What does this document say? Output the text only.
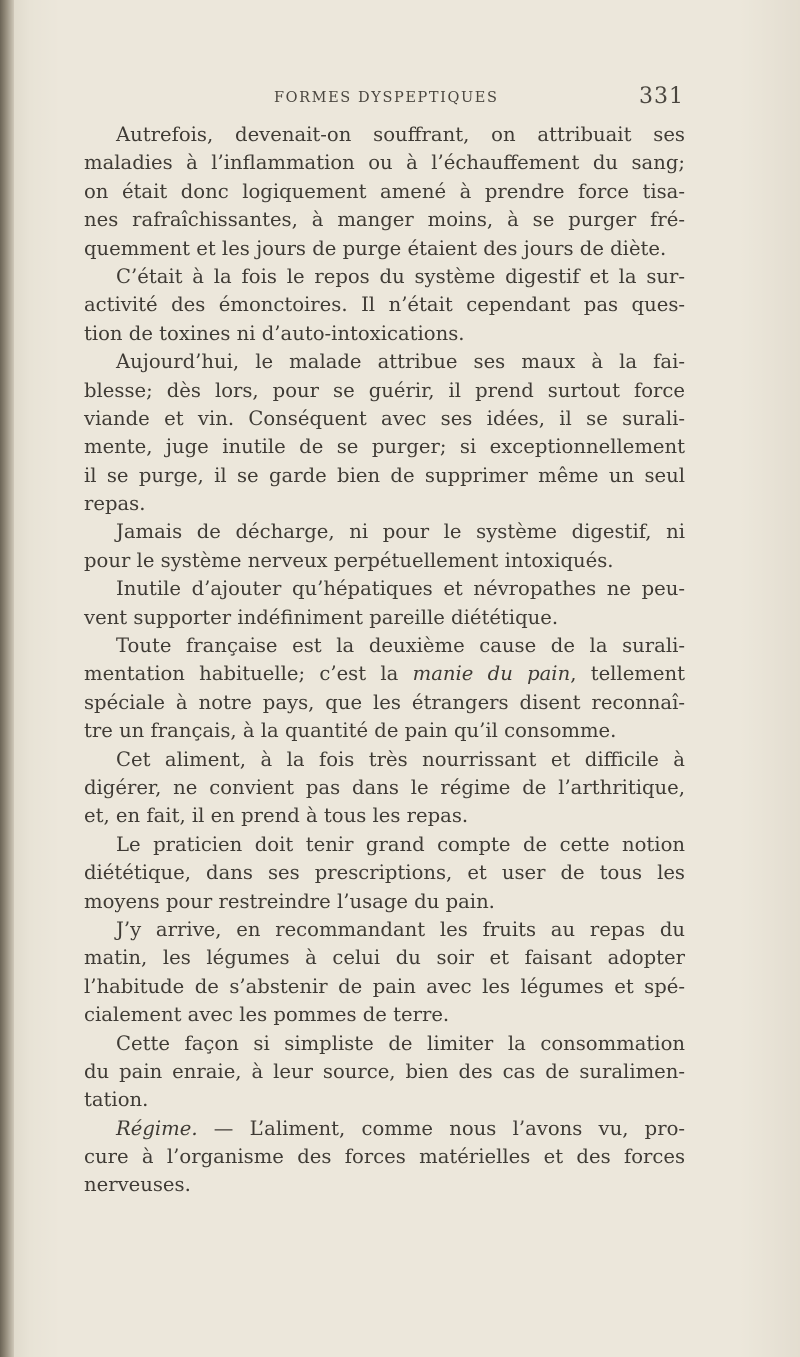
FORMES DYSPEPTIQUES	331
Autrefois, devenait-on souffrant, on attribuait ses
maladies à l’inflammation ou à l’échauffement du sang;
on était donc logiquement amené à prendre force tisa-
nes rafraîchissantes, à manger moins, à se purger fré-
quemment et les jours de purge étaient des jours de diète.
C’était à la fois le repos du système digestif et la sur-
activité des émonctoires. Il n’était cependant pas ques-
tion de toxines ni d’auto-intoxications.
Aujourd’hui, le malade attribue ses maux à la fai-
blesse; dès lors, pour se guérir, il prend surtout force
viande et vin. Conséquent avec ses idées, il se surali-
mente, juge inutile de se purger; si exceptionnellement
il se purge, il se garde bien de supprimer même un seul
repas.
Jamais de décharge, ni pour le système digestif, ni
pour le système nerveux perpétuellement intoxiqués.
Inutile d’ajouter qu’hépatiques et névropathes ne peu-
vent supporter indéfiniment pareille diététique.
Toute française est la deuxième cause de la surali-
mentation habituelle; c’est la manie du pain, tellement
spéciale à notre pays, que les étrangers disent reconnaî-
tre un français, à la quantité de pain qu’il consomme.
Cet aliment, à la fois très nourrissant et difficile à
digérer, ne convient pas dans le régime de l’arthritique,
et, en fait, il en prend à tous les repas.
Le praticien doit tenir grand compte de cette notion
diététique, dans ses prescriptions, et user de tous les
moyens pour restreindre l’usage du pain.
J’y arrive, en recommandant les fruits au repas du
matin, les légumes à celui du soir et faisant adopter
l’habitude de s’abstenir de pain avec les légumes et spé-
cialement avec les pommes de terre.
Cette façon si simpliste de limiter la consommation
du pain enraie, à leur source, bien des cas de suralimen-
tation.
Régime. — L’aliment, comme nous l’avons vu, pro-
cure à l’organisme des forces matérielles et des forces
nerveuses.
